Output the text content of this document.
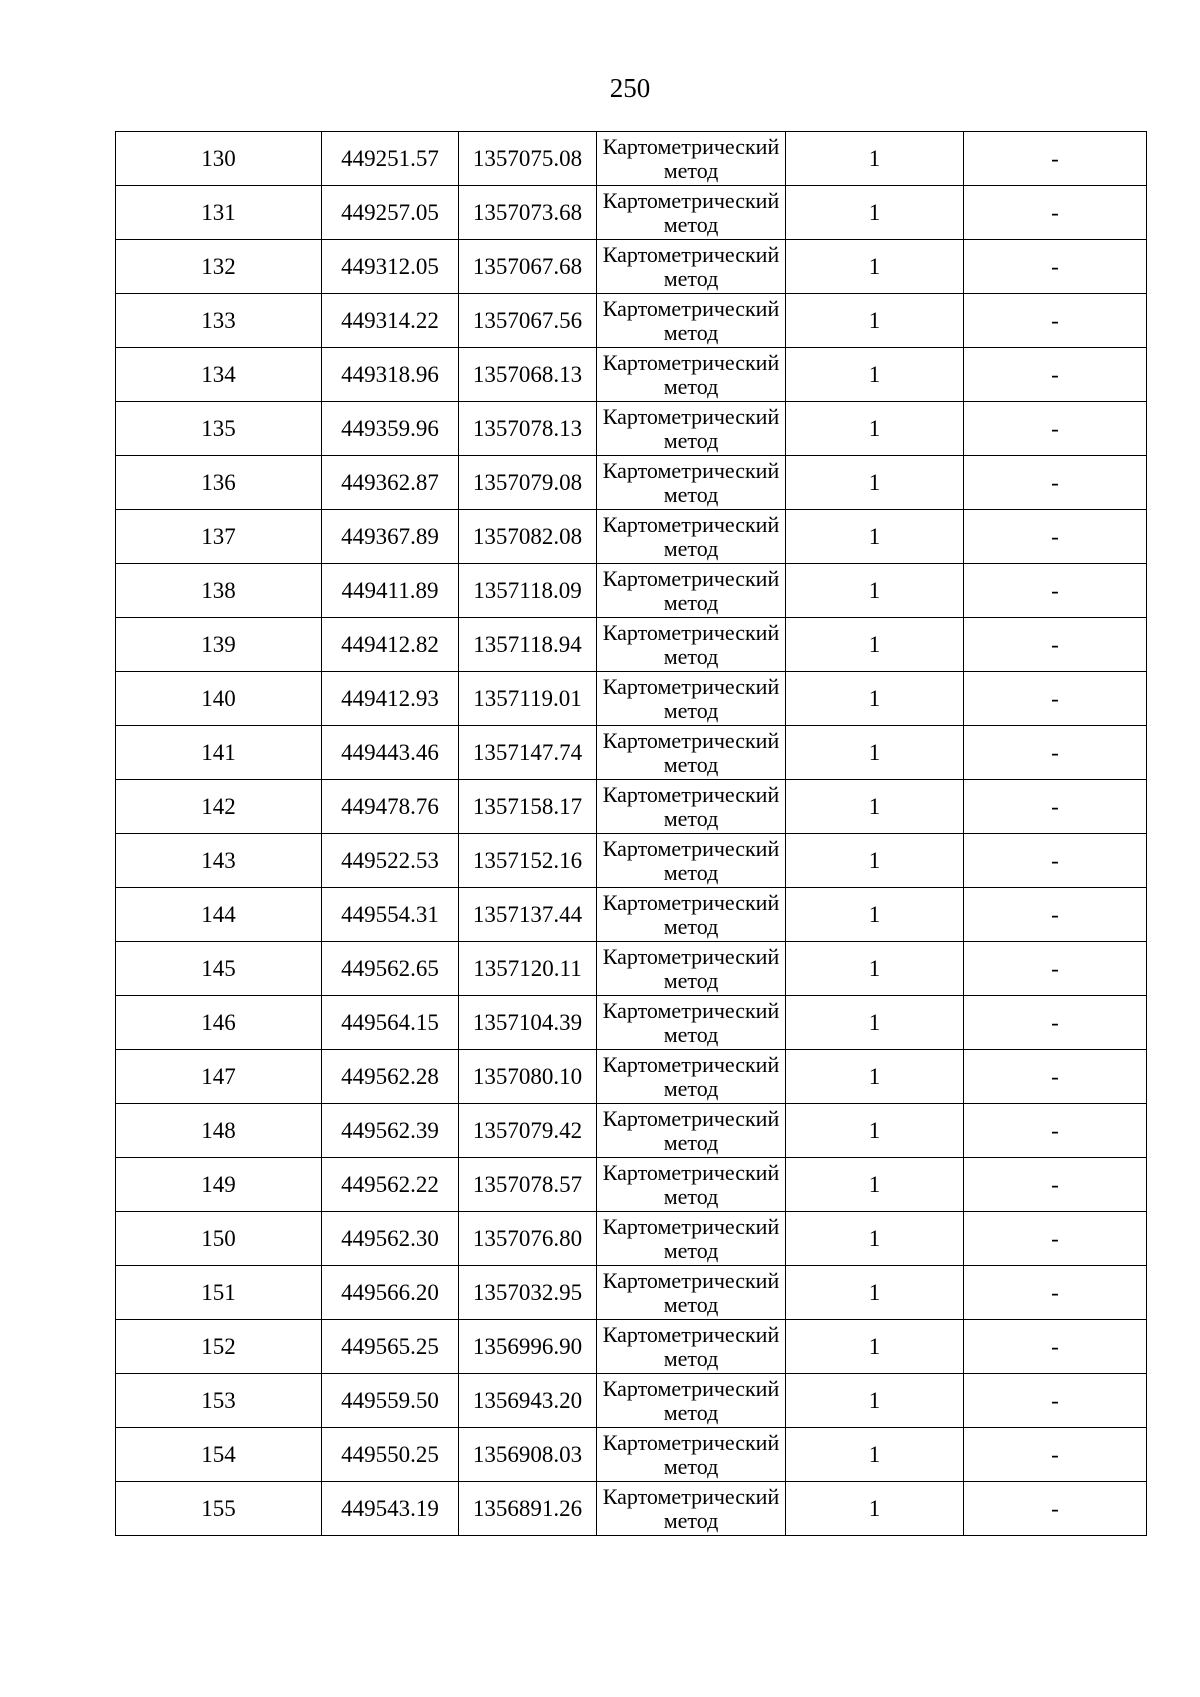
250
130	449251.57	1357075.08	Картометрический метод	1	-
131	449257.05	1357073.68	Картометрический метод	1	-
132	449312.05	1357067.68	Картометрический метод	1	-
133	449314.22	1357067.56	Картометрический метод	1	-
134	449318.96	1357068.13	Картометрический метод	1	-
135	449359.96	1357078.13	Картометрический метод	1	-
136	449362.87	1357079.08	Картометрический метод	1	-
137	449367.89	1357082.08	Картометрический метод	1	-
138	449411.89	1357118.09	Картометрический метод	1	-
139	449412.82	1357118.94	Картометрический метод	1	-
140	449412.93	1357119.01	Картометрический метод	1	-
141	449443.46	1357147.74	Картометрический метод	1	-
142	449478.76	1357158.17	Картометрический метод	1	-
143	449522.53	1357152.16	Картометрический метод	1	-
144	449554.31	1357137.44	Картометрический метод	1	-
145	449562.65	1357120.11	Картометрический метод	1	-
146	449564.15	1357104.39	Картометрический метод	1	-
147	449562.28	1357080.10	Картометрический метод	1	-
148	449562.39	1357079.42	Картометрический метод	1	-
149	449562.22	1357078.57	Картометрический метод	1	-
150	449562.30	1357076.80	Картометрический метод	1	-
151	449566.20	1357032.95	Картометрический метод	1	-
152	449565.25	1356996.90	Картометрический метод	1	-
153	449559.50	1356943.20	Картометрический метод	1	-
154	449550.25	1356908.03	Картометрический метод	1	-
155	449543.19	1356891.26	Картометрический метод	1	-
